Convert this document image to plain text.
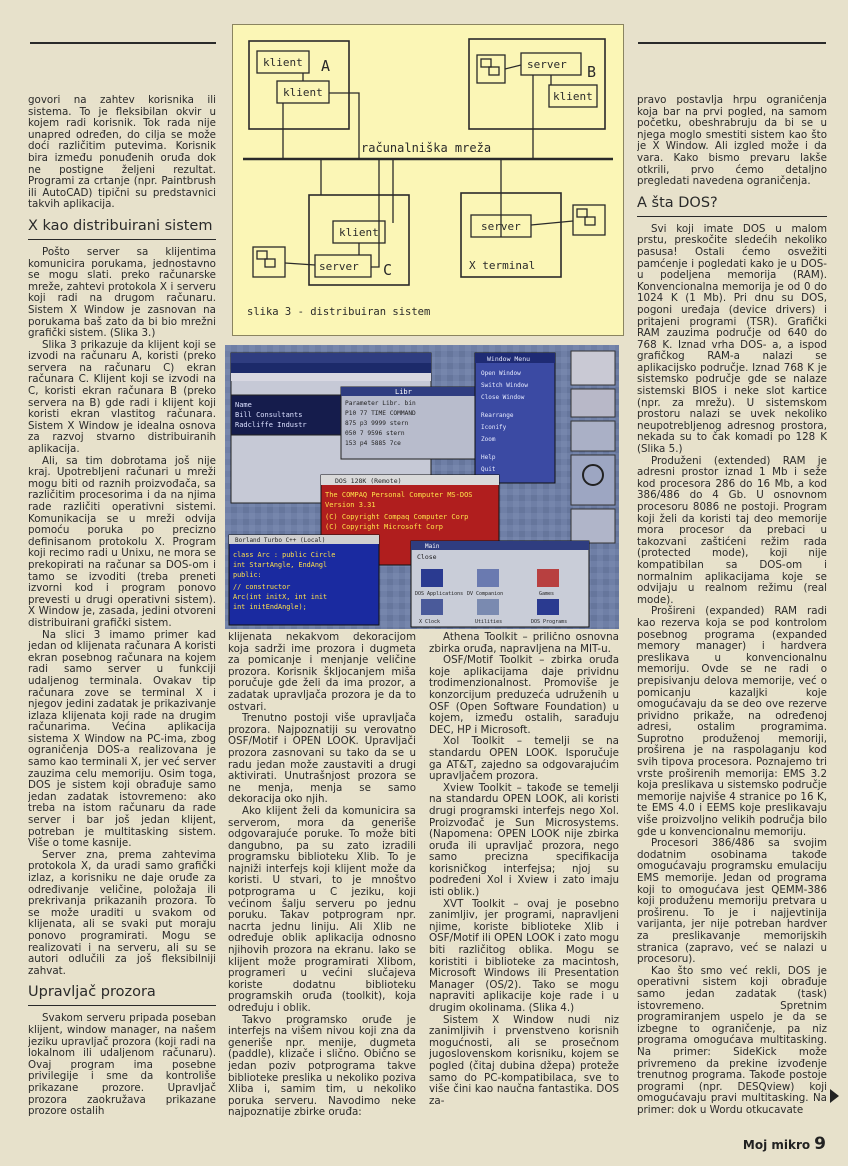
klient
klient
A	server
klient
B
računalniška mreža
klient
server C
server
X terminal
slika 3 - distribuiran sistem
Name
Bill Consultants
Radcliffe Industr
Libr
Parameter Libr. bin
P10 77 TIME COMMAND
875 p3 9999 stern
050 7 9596 stern
153 p4 5885 7ce
Window Menu
Open Window
Switch Window
Close Window
Rearrange
Iconify
Zoom
Help
Quit
DOS 128K (Remote)
The COMPAQ Personal Computer MS-DOS
Version 3.31
(C) Copyright Compaq Computer Corp
(C) Copyright Microsoft Corp
Borland Turbo C++ (Local)
class Arc : public Circle
int StartAngle, EndAngl
public:
// constructor
Arc(int initX, int init
int initEndAngle);
Main
Close
DOS Applications DV Companion	Games
X Clock	Utilities	DOS Programs

govori na zahtev korisnika ili sistema. To je fleksibilan okvir u kojem radi korisnik. Tok rada nije unapred određen, do cilja se može doći različitim putevima. Korisnik bira između ponuđenih oruđa dok ne postigne željeni rezultat. Programi za crtanje (npr. Paintbrush ili AutoCAD) tipični su predstavnici takvih aplikacija.

X kao distribuirani sistem

Pošto server sa klijentima komunicira porukama, jednostavno se mogu slati. preko računarske mreže, zahtevi protokola X i serveru koji radi na drugom računaru. Sistem X Window je zasnovan na porukama baš zato da bi bio mrežni grafički sistem. (Slika 3.)

Slika 3 prikazuje da klijent koji se izvodi na računaru A, koristi (preko servera na računaru C) ekran računara C. Klijent koji se izvodi na C, koristi ekran računara B (preko servera na B) gde radi i klijent koji koristi ekran vlastitog računara. Sistem X Window je idealna osnova za razvoj stvarno distribuiranih aplikacija.

Ali, sa tim dobrotama još nije kraj. Upotrebljeni računari u mreži mogu biti od raznih proizvođača, sa različitim procesorima i da na njima rade različiti operativni sistemi. Komunikacija se u mreži odvija pomoću poruka po precizno definisanom protokolu X. Program koji recimo radi u Unixu, ne mora se prekopirati na računar sa DOS-om i tamo se izvoditi (treba preneti izvorni kod i program ponovo prevesti u drugi operativni sistem). X Window je, zasada, jedini otvoreni distribuirani grafički sistem.

Na slici 3 imamo primer kad jedan od klijenata računara A koristi ekran posebnog računara na kojem radi samo server u funkciji udaljenog terminala. Ovakav tip računara zove se terminal X i njegov jedini zadatak je prikazivanje izlaza klijenata koji rade na drugim računarima. Većina aplikacija sistema X Window na PC-ima, zbog ograničenja DOS-a realizovana je samo kao terminali X, jer već server zauzima celu memoriju. Osim toga, DOS je sistem koji obrađuje samo jedan zadatak istovremeno: ako treba na istom računaru da rade server i bar još jedan klijent, potreban je multitasking sistem. Više o tome kasnije.

Server zna, prema zahtevima protokola X, da uradi samo grafički izlaz, a korisniku ne daje oruđe za određivanje veličine, položaja ili prekrivanja prikazanih prozora. To se može uraditi u svakom od klijenata, ali se svaki put moraju ponovo programirati. Mogu se realizovati i na serveru, ali su se autori odlučili za još fleksibilniji zahvat.

Upravljač prozora

Svakom serveru pripada poseban klijent, window manager, na našem jeziku upravljač prozora (koji radi na lokalnom ili udaljenom računaru). Ovaj program ima posebne privilegije i sme da kontroliše prikazane prozore. Upravljač prozora zaokružava prikazane prozore ostalih

klijenata nekakvom dekoracijom koja sadrži ime prozora i dugmeta za pomicanje i menjanje veličine prozora. Korisnik škljocanjem miša poručuje gde želi da ima prozor, a zadatak upravljača prozora je da to ostvari.

Trenutno postoji više upravljača prozora. Najpoznatiji su verovatno OSF/Motif i OPEN LOOK. Upravljači prozora zasnovani su tako da se u radu jedan može zaustaviti a drugi aktivirati. Unutrašnjost prozora se ne menja, menja se samo dekoracija oko njih.

Ako klijent želi da komunicira sa serverom, mora da generiše odgovarajuće poruke. To može biti dangubno, pa su zato izradili programsku biblioteku Xlib. To je najniži interfejs koji klijent može da koristi. U stvari, to je mnoštvo potprograma u C jeziku, koji većinom šalju serveru po jednu poruku. Takav potprogram npr. nacrta jednu liniju. Ali Xlib ne određuje oblik aplikacija odnosno njihovih prozora na ekranu. Iako se klijent može programirati Xlibom, programeri u većini slučajeva koriste dodatnu biblioteku programskih oruđa (toolkit), koja određuju i oblik.

Takvo programsko oruđe je interfejs na višem nivou koji zna da generiše npr. menije, dugmeta (paddle), klizače i slično. Obično se jedan poziv potprograma takve biblioteke preslika u nekoliko poziva Xliba i, samim tim, u nekoliko poruka serveru. Navodimo neke najpoznatije zbirke oruđa:

Athena Toolkit – prilično osnovna zbirka oruđa, napravljena na MIT-u.

OSF/Motif Toolkit – zbirka oruđa koje aplikacijama daje prividnu trodimenzionalnost. Promoviše je konzorcijum preduzeća udruženih u OSF (Open Software Foundation) u kojem, između ostalih, sarađuju DEC, HP i Microsoft.

Xol Toolkit – temelji se na standardu OPEN LOOK. Isporučuje ga AT&T, zajedno sa odgovarajućim upravljačem prozora.

Xview Toolkit – takođe se temelji na standardu OPEN LOOK, ali koristi drugi programski interfejs nego Xol. Proizvođač je Sun Microsystems. (Napomena: OPEN LOOK nije zbirka oruđa ili upravljač prozora, nego samo precizna specifikacija korisničkog interfejsa; njoj su podređeni Xol i Xview i zato imaju isti oblik.)

XVT Toolkit – ovaj je posebno zanimljiv, jer programi, napravljeni njime, koriste biblioteke Xlib i OSF/Motif ili OPEN LOOK i zato mogu biti različitog oblika. Mogu se koristiti i biblioteke za macintosh, Microsoft Windows ili Presentation Manager (OS/2). Tako se mogu napraviti aplikacije koje rade i u drugim okolinama. (Slika 4.)

Sistem X Window nudi niz zanimljivih i prvenstveno korisnih mogućnosti, ali se prosečnom jugoslovenskom korisniku, kojem se pogled (čitaj dubina džepa) proteže samo do PC-kompatibilaca, sve to više čini kao naučna fantastika. DOS za-

pravo postavlja hrpu ograničenja koja bar na prvi pogled, na samom početku, obeshrabruju da bi se u njega moglo smestiti sistem kao što je X Window. Ali izgled može i da vara. Kako bismo prevaru lakše otkrili, prvo ćemo detaljno pregledati navedena ograničenja.

A šta DOS?

Svi koji imate DOS u malom prstu, preskočite sledećih nekoliko pasusa! Ostali ćemo osvežiti pamćenje i pogledati kako je u DOS-u podeljena memorija (RAM). Konvencionalna memorija je od 0 do 1024 K (1 Mb). Pri dnu su DOS, pogoni uređaja (device drivers) i pritajeni programi (TSR). Grafički RAM zauzima područje od 640 do 768 K. Iznad vrha DOS- a, a ispod grafičkog RAM-a nalazi se aplikacijsko područje. Iznad 768 K je sistemsko područje gde se nalaze sistemski BIOS i neke slot kartice (npr. za mrežu). U sistemskom prostoru nalazi se uvek nekoliko neupotrebljenog adresnog prostora, nekada su to čak komadi po 128 K (Slika 5.)

Produženi (extended) RAM je adresni prostor iznad 1 Mb i seže kod procesora 286 do 16 Mb, a kod 386/486 do 4 Gb. U osnovnom procesoru 8086 ne postoji. Program koji želi da koristi taj deo memorije mora procesor da prebaci u takozvani zaštićeni režim rada (protected mode), koji nije kompatibilan sa DOS-om i normalnim aplikacijama koje se odvijaju u realnom režimu (real mode).

Prošireni (expanded) RAM radi kao rezerva koja se pod kontrolom posebnog programa (expanded memory manager) i hardvera preslikava u konvencionalnu memoriju. Ovde se ne radi o prepisivanju delova memorije, već o pomicanju kazaljki koje omogućavaju da se deo ove rezerve prividno prikaže, na određenoj adresi, ostalim programima. Suprotno produženoj memoriji, proširena je na raspolaganju kod svih tipova procesora. Poznajemo tri vrste proširenih memorija: EMS 3.2 koja preslikava u sistemsko područje memorije najviše 4 stranice po 16 K, te EMS 4.0 i EEMS koje preslikavaju više proizvoljno velikih područja bilo gde u konvencionalnu memoriju.

Procesori 386/486 sa svojim dodatnim osobinama takođe omogućavaju programsku emulaciju EMS memorije. Jedan od programa koji to omogućava jest QEMM-386 koji produženu memoriju pretvara u proširenu. To je i najjevtinija varijanta, jer nije potreban hardver za preslikavanje memorijskih stranica (zapravo, već se nalazi u procesoru).

Kao što smo već rekli, DOS je operativni sistem koji obrađuje samo jedan zadatak (task) istovremeno. Spretnim programiranjem uspelo je da se izbegne to ograničenje, pa niz programa omogućava multitasking. Na primer: SideKick može privremeno da prekine izvođenje trenutnog programa. Takođe postoje programi (npr. DESQview) koji omogućavaju pravi multitasking. Na primer: dok u Wordu otkucavate

Moj mikro 9
